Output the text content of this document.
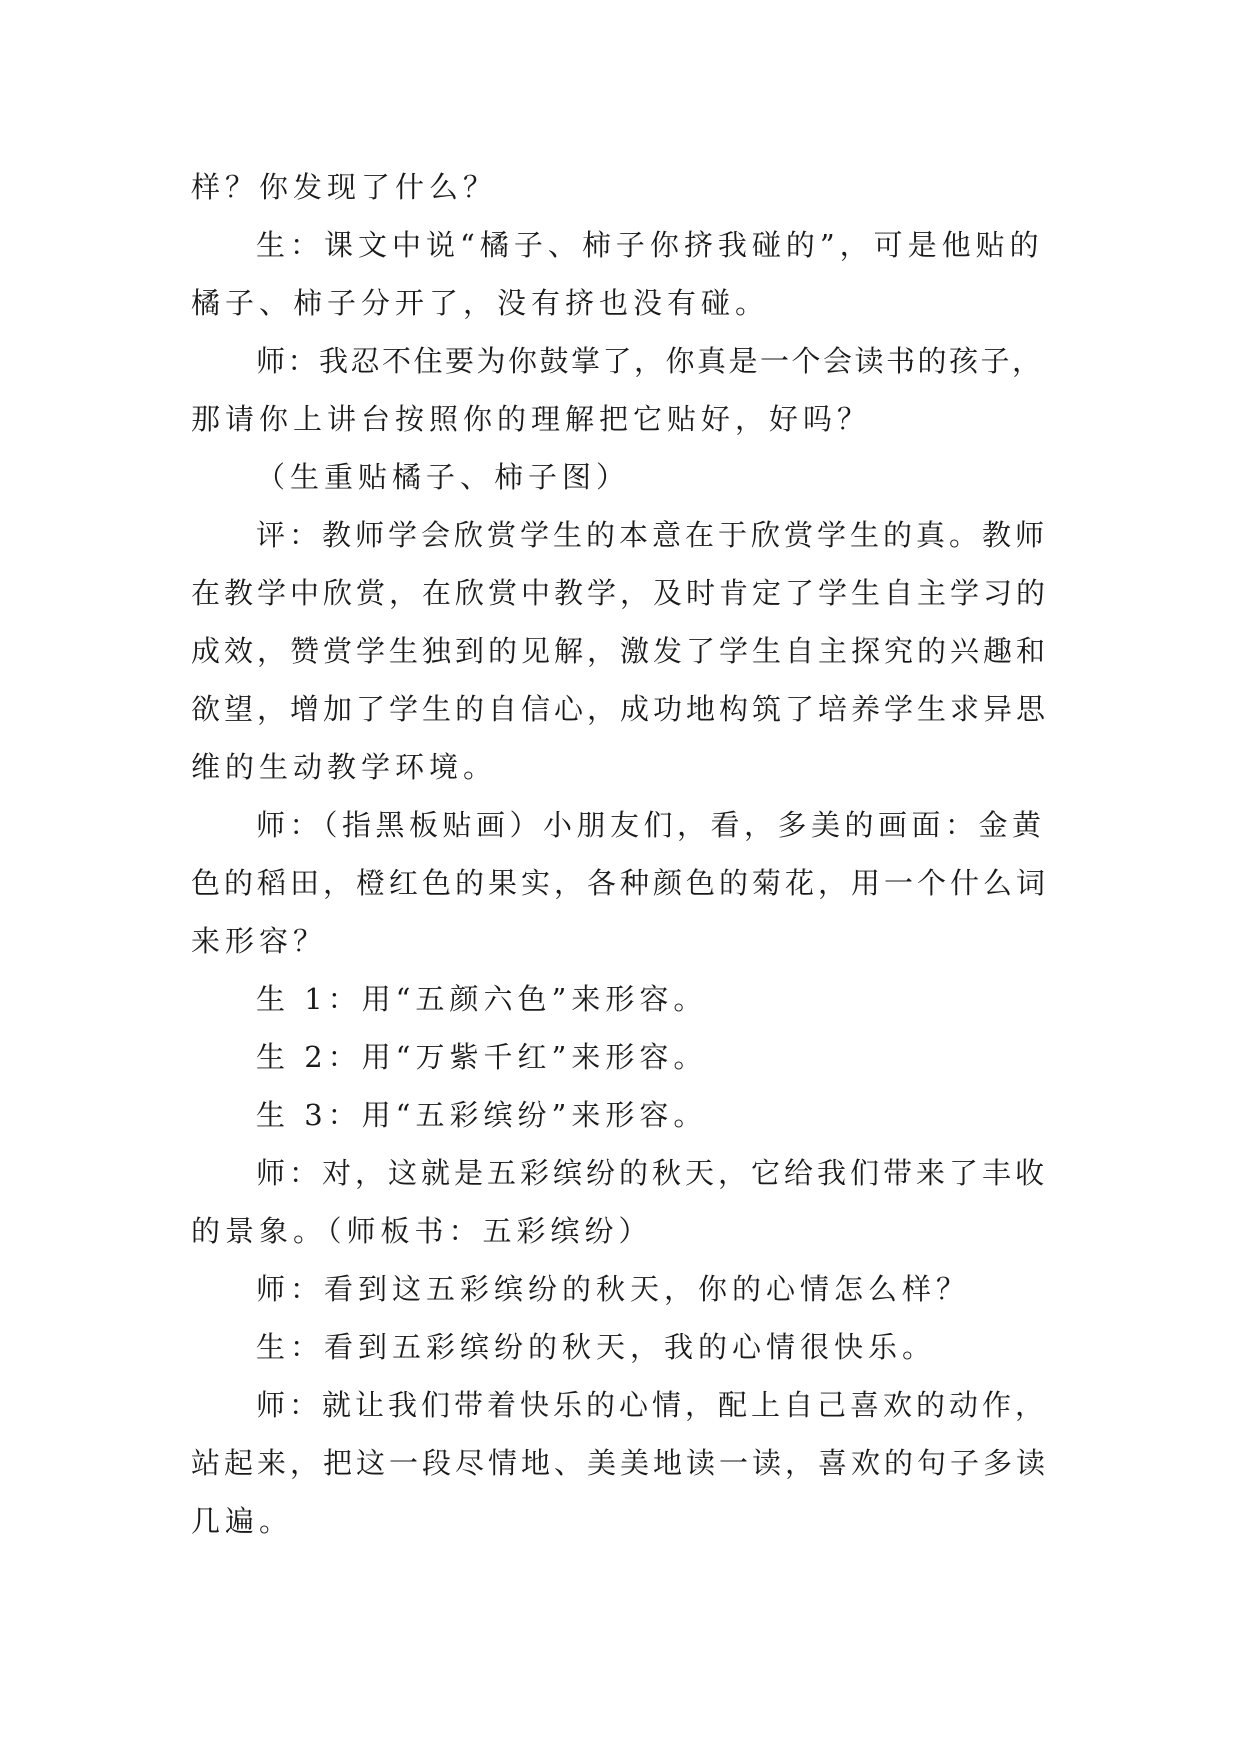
样？你发现了什么？
生：课文中说“橘子、柿子你挤我碰的”，可是他贴的
橘子、柿子分开了，没有挤也没有碰。
师：我忍不住要为你鼓掌了，你真是一个会读书的孩子，
那请你上讲台按照你的理解把它贴好，好吗？
（生重贴橘子、柿子图）
评：教师学会欣赏学生的本意在于欣赏学生的真。教师
在教学中欣赏，在欣赏中教学，及时肯定了学生自主学习的
成效，赞赏学生独到的见解，激发了学生自主探究的兴趣和
欲望，增加了学生的自信心，成功地构筑了培养学生求异思
维的生动教学环境。
师：（指黑板贴画）小朋友们，看，多美的画面：金黄
色的稻田，橙红色的果实，各种颜色的菊花，用一个什么词
来形容？
生 1：用“五颜六色”来形容。
生 2：用“万紫千红”来形容。
生 3：用“五彩缤纷”来形容。
师：对，这就是五彩缤纷的秋天，它给我们带来了丰收
的景象。（师板书：五彩缤纷）
师：看到这五彩缤纷的秋天，你的心情怎么样？
生：看到五彩缤纷的秋天，我的心情很快乐。
师：就让我们带着快乐的心情，配上自己喜欢的动作，
站起来，把这一段尽情地、美美地读一读，喜欢的句子多读
几遍。
